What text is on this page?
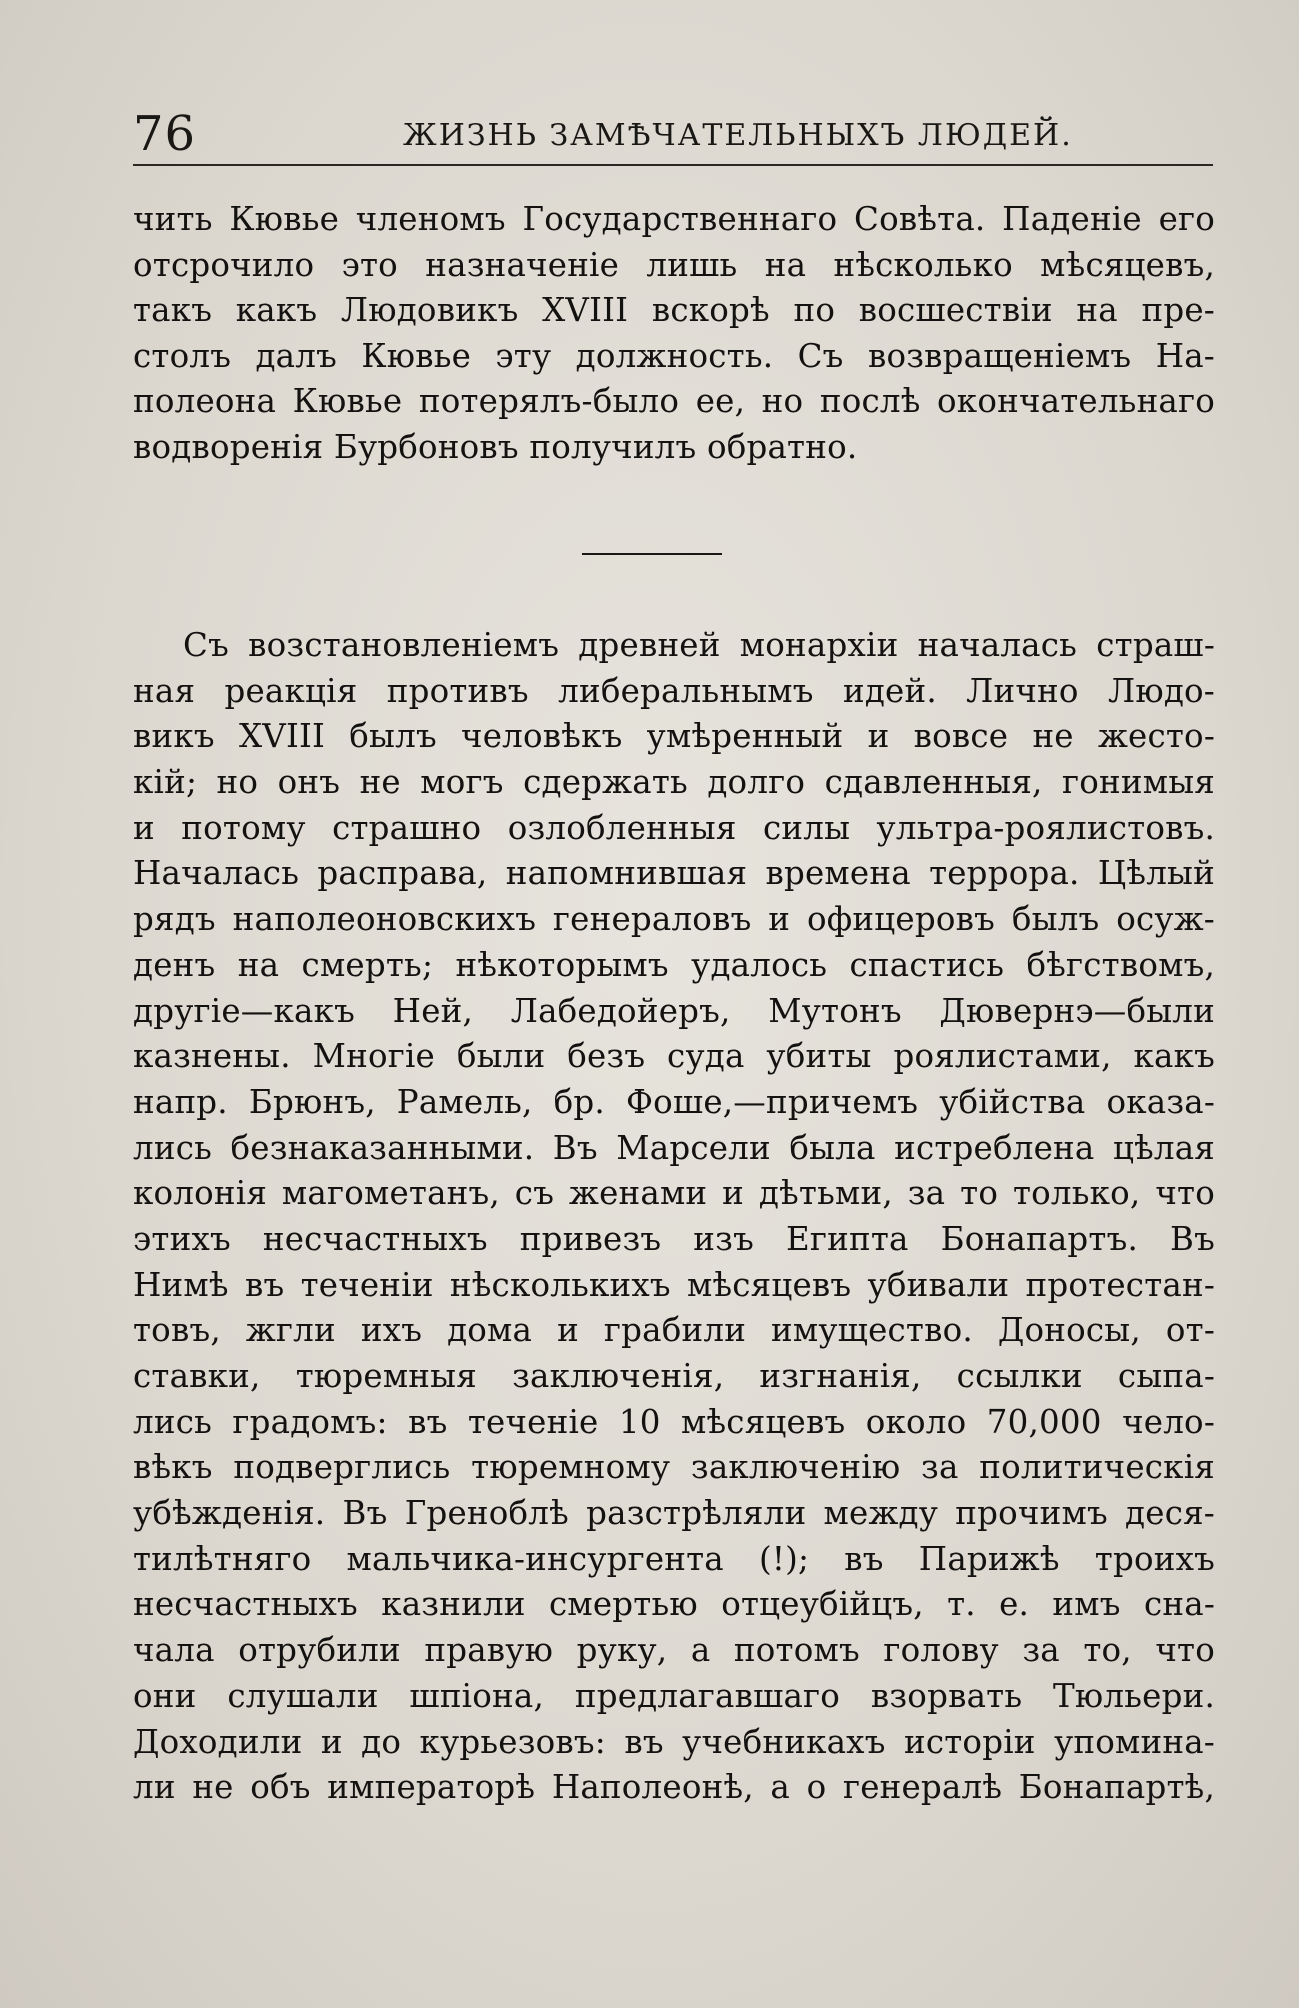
76	ЖИЗНЬ ЗАМѢЧАТЕЛЬНЫХЪ ЛЮДЕЙ.
чить Кювье членомъ Государственнаго Совѣта. Паденіе его
отсрочило это назначеніе лишь на нѣсколько мѣсяцевъ,
такъ какъ Людовикъ XVIII вскорѣ по восшествіи на пре-
столъ далъ Кювье эту должность. Съ возвращеніемъ На-
полеона Кювье потерялъ-было ее, но послѣ окончательнаго
водворенія Бурбоновъ получилъ обратно.
Съ возстановленіемъ древней монархіи началась страш-
ная реакція противъ либеральнымъ идей. Лично Людо-
викъ XVIII былъ человѣкъ умѣренный и вовсе не жесто-
кій; но онъ не могъ сдержать долго сдавленныя, гонимыя
и потому страшно озлобленныя силы ультра-роялистовъ.
Началась расправа, напомнившая времена террора. Цѣлый
рядъ наполеоновскихъ генераловъ и офицеровъ былъ осуж-
денъ на смерть; нѣкоторымъ удалось спастись бѣгствомъ,
другіе—какъ Ней, Лабедойеръ, Мутонъ Дювернэ—были
казнены. Многіе были безъ суда убиты роялистами, какъ
напр. Брюнъ, Рамель, бр. Фоше,—причемъ убійства оказа-
лись безнаказанными. Въ Марсели была истреблена цѣлая
колонія магометанъ, съ женами и дѣтьми, за то только, что
этихъ несчастныхъ привезъ изъ Египта Бонапартъ. Въ
Нимѣ въ теченіи нѣсколькихъ мѣсяцевъ убивали протестан-
товъ, жгли ихъ дома и грабили имущество. Доносы, от-
ставки, тюремныя заключенія, изгнанія, ссылки сыпа-
лись градомъ: въ теченіе 10 мѣсяцевъ около 70,000 чело-
вѣкъ подверглись тюремному заключенію за политическія
убѣжденія. Въ Греноблѣ разстрѣляли между прочимъ деся-
тилѣтняго мальчика-инсургента (!); въ Парижѣ троихъ
несчастныхъ казнили смертью отцеубійцъ, т. е. имъ сна-
чала отрубили правую руку, а потомъ голову за то, что
они слушали шпіона, предлагавшаго взорвать Тюльери.
Доходили и до курьезовъ: въ учебникахъ исторіи упомина-
ли не объ императорѣ Наполеонѣ, а о генералѣ Бонапартѣ,
